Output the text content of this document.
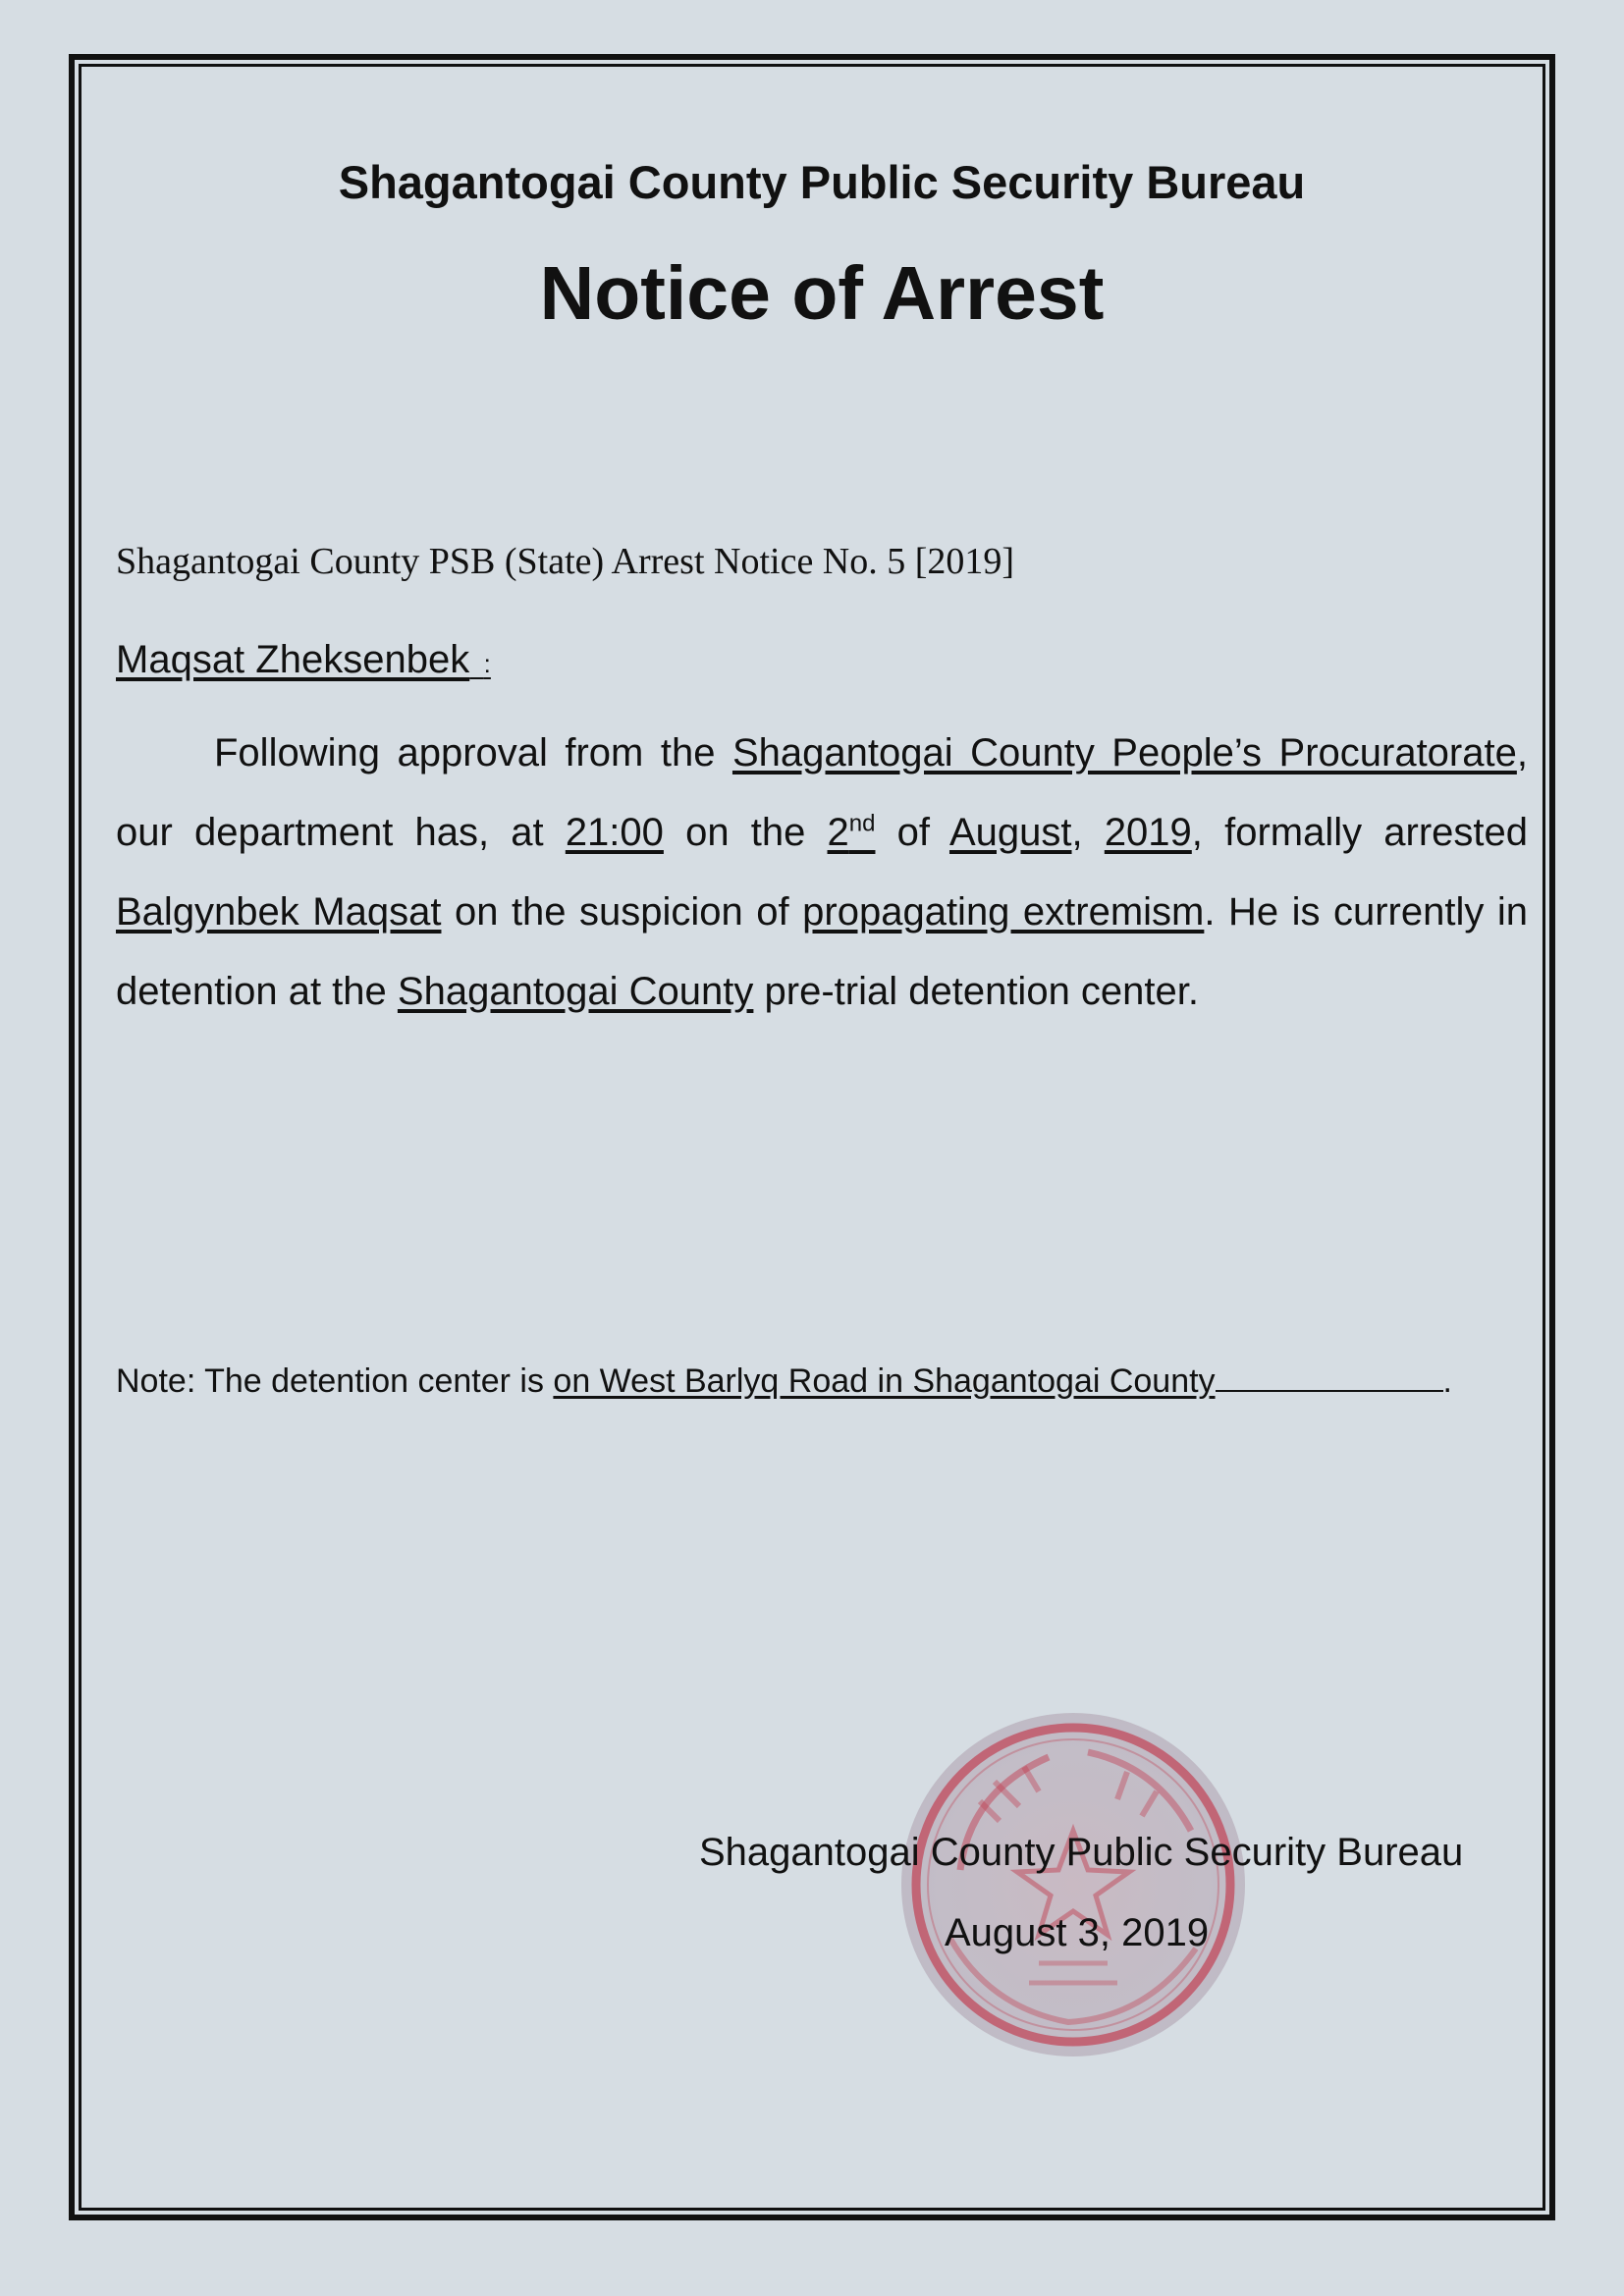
Shagantogai County Public Security Bureau
Notice of Arrest
Shagantogai County PSB (State) Arrest Notice No. 5 [2019]
Maqsat Zheksenbek :
Following approval from the Shagantogai County People’s Procuratorate, our department has, at 21:00 on the 2nd of August, 2019, formally arrested Balgynbek Maqsat on the suspicion of propagating extremism. He is currently in detention at the Shagantogai County pre-trial detention center.
Note: The detention center is on West Barlyq Road in Shagantogai County	.
Shagantogai County Public Security Bureau
August 3, 2019
